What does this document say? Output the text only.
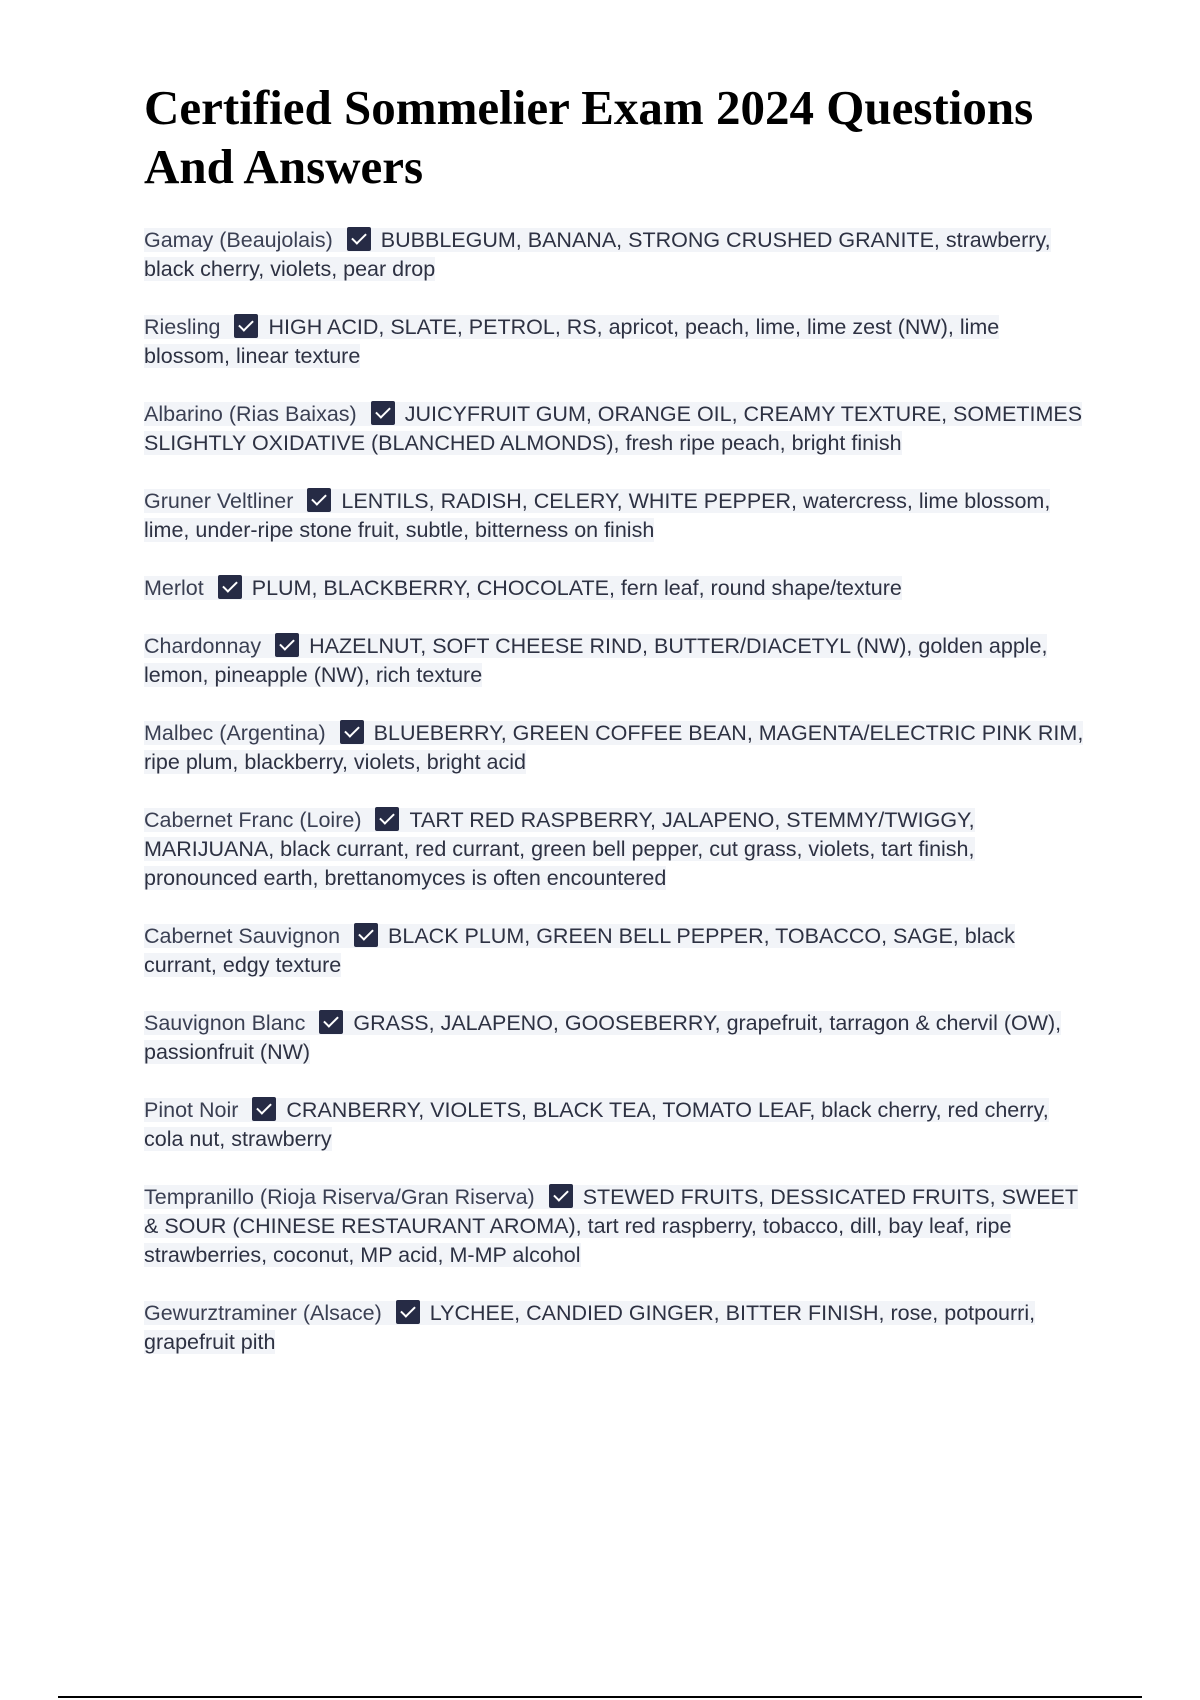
Certified Sommelier Exam 2024 Questions And Answers
Gamay (Beaujolais) BUBBLEGUM, BANANA, STRONG CRUSHED GRANITE, strawberry, black cherry, violets, pear drop
Riesling HIGH ACID, SLATE, PETROL, RS, apricot, peach, lime, lime zest (NW), lime blossom, linear texture
Albarino (Rias Baixas) JUICYFRUIT GUM, ORANGE OIL, CREAMY TEXTURE, SOMETIMES SLIGHTLY OXIDATIVE (BLANCHED ALMONDS), fresh ripe peach, bright finish
Gruner Veltliner LENTILS, RADISH, CELERY, WHITE PEPPER, watercress, lime blossom, lime, under-ripe stone fruit, subtle, bitterness on finish
Merlot PLUM, BLACKBERRY, CHOCOLATE, fern leaf, round shape/texture
Chardonnay HAZELNUT, SOFT CHEESE RIND, BUTTER/DIACETYL (NW), golden apple, lemon, pineapple (NW), rich texture
Malbec (Argentina) BLUEBERRY, GREEN COFFEE BEAN, MAGENTA/ELECTRIC PINK RIM, ripe plum, blackberry, violets, bright acid
Cabernet Franc (Loire) TART RED RASPBERRY, JALAPENO, STEMMY/TWIGGY, MARIJUANA, black currant, red currant, green bell pepper, cut grass, violets, tart finish, pronounced earth, brettanomyces is often encountered
Cabernet Sauvignon BLACK PLUM, GREEN BELL PEPPER, TOBACCO, SAGE, black currant, edgy texture
Sauvignon Blanc GRASS, JALAPENO, GOOSEBERRY, grapefruit, tarragon & chervil (OW), passionfruit (NW)
Pinot Noir CRANBERRY, VIOLETS, BLACK TEA, TOMATO LEAF, black cherry, red cherry, cola nut, strawberry
Tempranillo (Rioja Riserva/Gran Riserva) STEWED FRUITS, DESSICATED FRUITS, SWEET & SOUR (CHINESE RESTAURANT AROMA), tart red raspberry, tobacco, dill, bay leaf, ripe strawberries, coconut, MP acid, M-MP alcohol
Gewurztraminer (Alsace) LYCHEE, CANDIED GINGER, BITTER FINISH, rose, potpourri, grapefruit pith
